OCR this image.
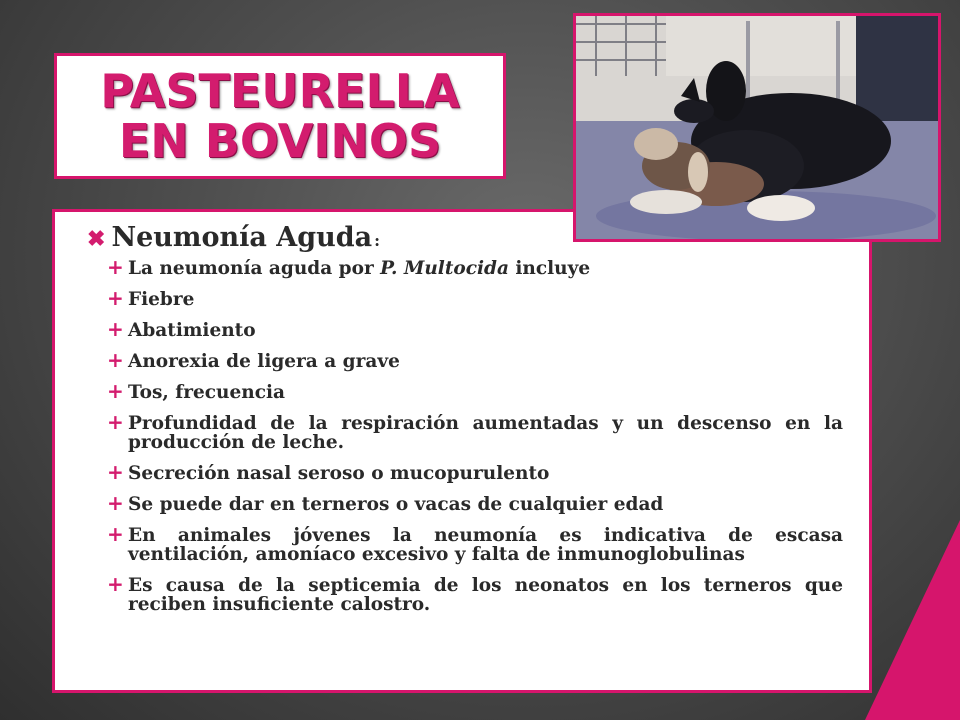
PASTEURELLA
EN BOVINOS
✖ Neumonía Aguda :
+ La neumonía aguda por P. Multocida incluye
+ Fiebre
+ Abatimiento
+ Anorexia de ligera a grave
+ Tos, frecuencia
+ Profundidad de la respiración aumentadas y un descenso en la producción de leche.
+ Secreción nasal seroso o mucopurulento
+ Se puede dar en terneros o vacas de cualquier edad
+ En animales jóvenes la neumonía es indicativa de escasa ventilación, amoníaco excesivo y falta de inmunoglobulinas
+ Es causa de la septicemia de los neonatos en los terneros que reciben insuficiente calostro.
